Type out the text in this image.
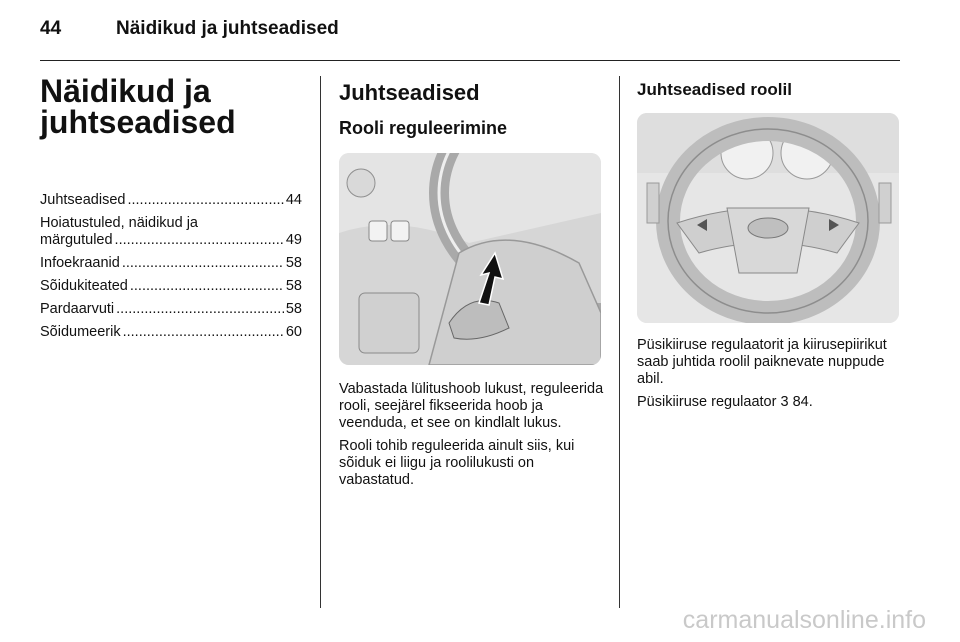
44	Näidikud ja juhtseadised
Näidikud ja
juhtseadised
Juhtseadised .....	44
Hoiatustuled, näidikud ja
märgutuled .....	49
Infoekraanid .....	58
Sõidukiteated .....	58
Pardaarvuti .....	58
Sõidumeerik .....	60
Juhtseadised
Rooli reguleerimine
Vabastada lülitushoob lukust, reguleerida rooli, seejärel fikseerida hoob ja veenduda, et see on kindlalt lukus.
Rooli tohib reguleerida ainult siis, kui sõiduk ei liigu ja roolilukusti on vabastatud.
Juhtseadised roolil
Püsikiiruse regulaatorit ja kiirusepiirikut saab juhtida roolil paiknevate nuppude abil.
Püsikiiruse regulaator 3 84.
carmanualsonline.info
